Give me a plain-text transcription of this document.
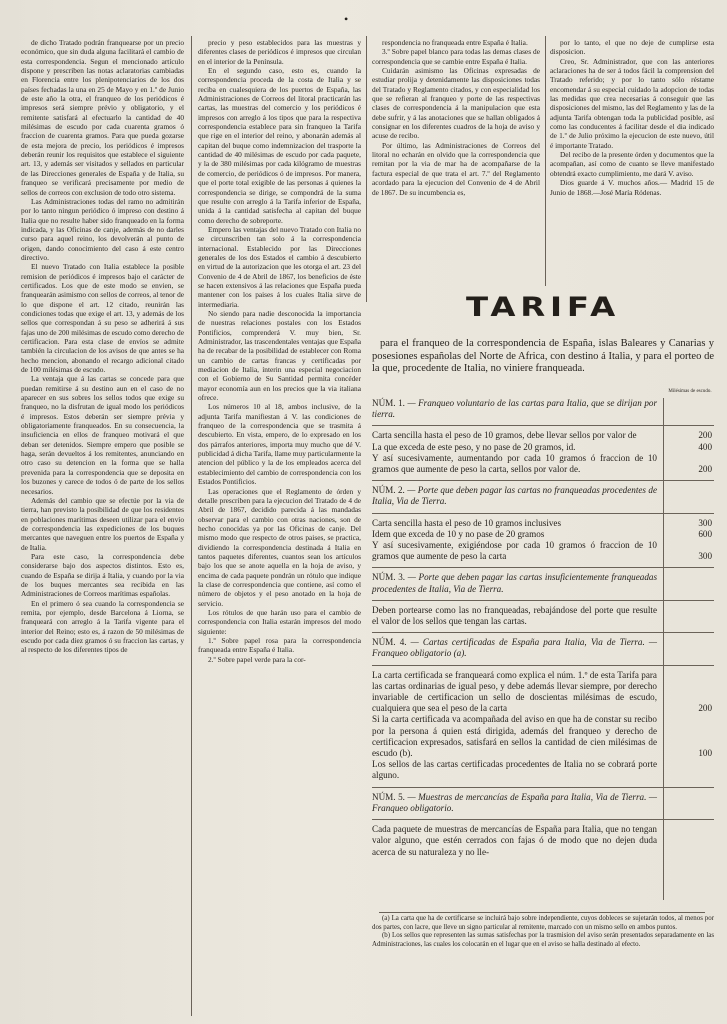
•

de dicho Tratado podrán franquearse por un precio económico, que sin duda alguna facilitará el cambio de esta correspondencia. Segun el mencionado artículo dispone y prescriben las notas aclaratorias cambiadas en Florencia entre los plenipotenciarios de los dos países fechadas la una en 25 de Mayo y en 1.º de Junio de este año la otra, el franqueo de los periódicos é impresos será siempre prévio y obligatorio, y el remitente satisfará al efectuarlo la cantidad de 40 milésimas de escudo por cada cuarenta gramos ó fraccion de cuarenta gramos. Para que pueda gozarse de esta mejora de precio, los periódicos é impresos deberán reunir los requisitos que establece el siguiente art. 13, y además ser visitados y sellados en particular de las Direcciones generales de España y de Italia, su franqueo se verificará precisamente por medio de sellos de correos con exclusion de todo otro sistema.

Las Administraciones todas del ramo no admitirán por lo tanto ningun periódico ó impreso con destino á Italia que no resulte haber sido franqueado en la forma indicada, y las Oficinas de canje, además de no darles curso para aquel reino, los devolverán al punto de origen, dando conocimiento del caso á este centro directivo.

El nuevo Tratado con Italia establece la posible remision de periódicos é impresos bajo el carácter de certificados. Los que de este modo se envien, se franquearán asimismo con sellos de correos, al tenor de lo que dispone el art. 12 citado, reunirán las condiciones todas que exige el art. 13, y además de los sellos que correspondan á su peso se adherirá á sus fajas uno de 200 milésimas de escudo como derecho de certificacion. Para esta clase de envíos se admite también la circulacion de los avisos de que antes se ha hecho mencion, abonando el recargo adicional citado de 100 milésimas de escudo.

La ventaja que á las cartas se concede para que puedan remitirse á su destino aun en el caso de no aparecer en sus sobres los sellos todos que exige su franqueo, no la disfrutan de igual modo los periódicos é impresos. Estos deberán ser siempre prévia y obligatoriamente franqueados. En su consecuencia, la insuficiencia en ellos de franqueo motivará el que deban ser detenidos. Siempre empero que posible se haga, serán devueltos á los remitentes, anunciando en otro caso su detencion en la forma que se halla prevenida para la correspondencia que se deposita en los buzones y carece de todos ó de parte de los sellos necesarios.

Además del cambio que se efectúe por la via de tierra, han previsto la posibilidad de que los residentes en poblaciones marítimas deseen utilizar para el envío de correspondencia las expediciones de los buques mercantes que naveguen entre los puertos de España y de Italia.

Para este caso, la correspondencia debe considerarse bajo dos aspectos distintos. Esto es, cuando de España se dirija á Italia, y cuando por la via de los buques mercantes sea recibida en las Administraciones de Correos marítimas españolas.

En el primero ó sea cuando la correspondencia se remita, por ejemplo, desde Barcelona á Liorna, se franqueará con arreglo á la Tarifa vigente para el interior del Reino; esto es, á razon de 50 milésimas de escudo por cada diez gramos ó su fraccion las cartas, y al respecto de los diferentes tipos de

precio y peso establecidos para las muestras y diferentes clases de periódicos é impresos que circulan en el interior de la Península.

En el segundo caso, esto es, cuando la correspondencia proceda de la costa de Italia y se reciba en cualesquiera de los puertos de España, las Administraciones de Correos del litoral practicarán las cartas, las muestras del comercio y los periódicos é impresos con arreglo á los tipos que para la respectiva correspondencia establece para sin franqueo la Tarifa que rige en el interior del reino, y abonarán además al capitan del buque como indemnizacion del trasporte la cantidad de 40 milésimas de escudo por cada paquete, y la de 380 milésimas por cada kilógramo de muestras de comercio, de periódicos ó de impresos. Por manera, que el porte total exigible de las personas á quienes la correspondencia se dirige, se compondrá de la suma que resulte con arreglo á la Tarifa inferior de España, unida á la cantidad satisfecha al capitan del buque como derecho de sobreporte.

Empero las ventajas del nuevo Tratado con Italia no se circunscriben tan solo á la correspondencia internacional. Establecido por las Direcciones generales de los dos Estados el cambio á descubierto en virtud de la autorizacion que les otorga el art. 23 del Convenio de 4 de Abril de 1867, los beneficios de éste se hacen extensivos á las relaciones que España pueda mantener con los paises á los cuales Italia sirve de intermediaria.

No siendo para nadie desconocida la importancia de nuestras relaciones postales con los Estados Pontificios, comprenderá V. muy bien, Sr. Administrador, las trascendentales ventajas que España ha de recabar de la posibilidad de establecer con Roma un cambio de cartas francas y certificadas por mediacion de Italia, ínterin una especial negociacion con el Gobierno de Su Santidad permita concéder mayor economía aun en los precios que la via italiana ofrece.

Los números 10 al 18, ambos inclusive, de la adjunta Tarifa manifiestan á V. las condiciones de franqueo de la correspondencia que se trasmita á descubierto. En vista, empero, de lo expresado en los dos párrafos anteriores, importa muy mucho que dé V. publicidad á dicha Tarifa, llame muy particularmente la atencion del público y la de los empleados acerca del establecimiento del cambio de correspondencia con los Estados Pontificios.

Las operaciones que el Reglamento de órden y detalle prescriben para la ejecucion del Tratado de 4 de Abril de 1867, decidido parecida á las mandadas observar para el cambio con otras naciones, son de hecho conocidas ya por las Oficinas de canje. Del mismo modo que respecto de otros paises, se practica, dividiendo la correspondencia destinada á Italia en tantos paquetes diferentes, cuantos sean los artículos bajo los que se anote aquella en la hoja de aviso, y encima de cada paquete pondrán un rótulo que indique la clase de correspondencia que contiene, así como el número de objetos y el peso anotado en la hoja de servicio.

Los rótulos de que harán uso para el cambio de correspondencia con Italia estarán impresos del modo siguiente:

1.º Sobre papel rosa para la correspondencia franqueada entre España é Italia.

2.º Sobre papel verde para la cor-

respondencia no franqueada entre España é Italia.

3.º Sobre papel blanco para todas las demas clases de correspondencia que se cambie entre España é Italia.

Cuidarán asimismo las Oficinas expresadas de estudiar prolija y detenidamente las disposiciones todas del Tratado y Reglamento citados, y con especialidad los que se refieran al franqueo y porte de las respectivas clases de correspondencia á la manipulacion que esta debe sufrir, y á las anotaciones que se hallan obligados á consignar en los diferentes cuadros de la hoja de aviso y acuse de recibo.

Por último, las Administraciones de Correos del litoral no echarán en olvido que la correspondencia que remitan por la via de mar ha de acompañarse de la factura especial de que trata el art. 7.º del Reglamento acordado para la ejecucion del Convenio de 4 de Abril de 1867. De su incumbencia es,

por lo tanto, el que no deje de cumplirse esta disposicion.

Creo, Sr. Administrador, que con las anteriores aclaraciones ha de ser á todos fácil la comprension del Tratado referido; y por lo tanto sólo réstame encomendar á su especial cuidado la adopcion de todas las medidas que crea necesarias á conseguir que las disposiciones del mismo, las del Reglamento y las de la adjunta Tarifa obtengan toda la publicidad posible, así como las conducentes á facilitar desde el dia indicado de 1.º de Julio próximo la ejecucion de este nuevo, útil é importante Tratado.

Del recibo de la presente órden y documentos que la acompañan, así como de cuanto se lleve manifestado obtendrá exacto cumplimiento, me dará V. aviso.

Dios guarde á V. muchos años.— Madrid 15 de Junio de 1868.—José María Ródenas.

TARIFA

para el franqueo de la correspondencia de España, islas Baleares y Canarias y posesiones españolas del Norte de Africa, con destino á Italia, y para el porteo de la que, procedente de Italia, no viniere franqueada.

Milésimas de escudo.
NÚM. 1. — Franqueo voluntario de las cartas para Italia, que se dirijan por tierra.
Carta sencilla hasta el peso de 10 gramos, debe llevar sellos por valor de	200
La que exceda de este peso, y no pase de 20 gramos, id.	400
Y así sucesivamente, aumentando por cada 10 gramos ó fraccion de 10 gramos que aumente de peso la carta, sellos por valor de.	200
NÚM. 2. — Porte que deben pagar las cartas no franqueadas procedentes de Italia, Via de Tierra.
Carta sencilla hasta el peso de 10 gramos inclusives	300
Idem que exceda de 10 y no pase de 20 gramos	600
Y así sucesivamente, exigiéndose por cada 10 gramos ó fraccion de 10 gramos que aumente de peso la carta	300
NÚM. 3. — Porte que deben pagar las cartas insuficientemente franqueadas procedentes de Italia, Via de Tierra.
Deben portearse como las no franqueadas, rebajándose del porte que resulte el valor de los sellos que tengan las cartas.
NÚM. 4. — Cartas certificadas de España para Italia, Via de Tierra. — Franqueo obligatorio (a).
La carta certificada se franqueará como explica el núm. 1.º de esta Tarifa para las cartas ordinarias de igual peso, y debe además llevar siempre, por derecho invariable de certificacion un sello de doscientas milésimas de escudo, cualquiera que sea el peso de la carta	200
Si la carta certificada va acompañada del aviso en que ha de constar su recibo por la persona á quien está dirigida, además del franqueo y derecho de certificacion expresados, satisfará en sellos la cantidad de cien milésimas de escudo (b).	100
Los sellos de las cartas certificadas procedentes de Italia no se cobrará porte alguno.
NÚM. 5. — Muestras de mercancías de España para Italia, Via de Tierra. — Franqueo obligatorio.
Cada paquete de muestras de mercancías de España para Italia, que no tengan valor alguno, que estén cerrados con fajas ó de modo que no dejen duda acerca de su naturaleza y no lle-

(a) La carta que ha de certificarse se incluirá bajo sobre independiente, cuyos dobleces se sujetarán todos, al menos por dos partes, con lacre, que lleve un signo particular al remitente, marcado con un mismo sello en ambos puntos.

(b) Los sellos que representen las sumas satisfechas por la trasmision del aviso serán presentados separadamente en las Administraciones, las cuales los colocarán en el lugar que en el aviso se halla destinado al efecto.
